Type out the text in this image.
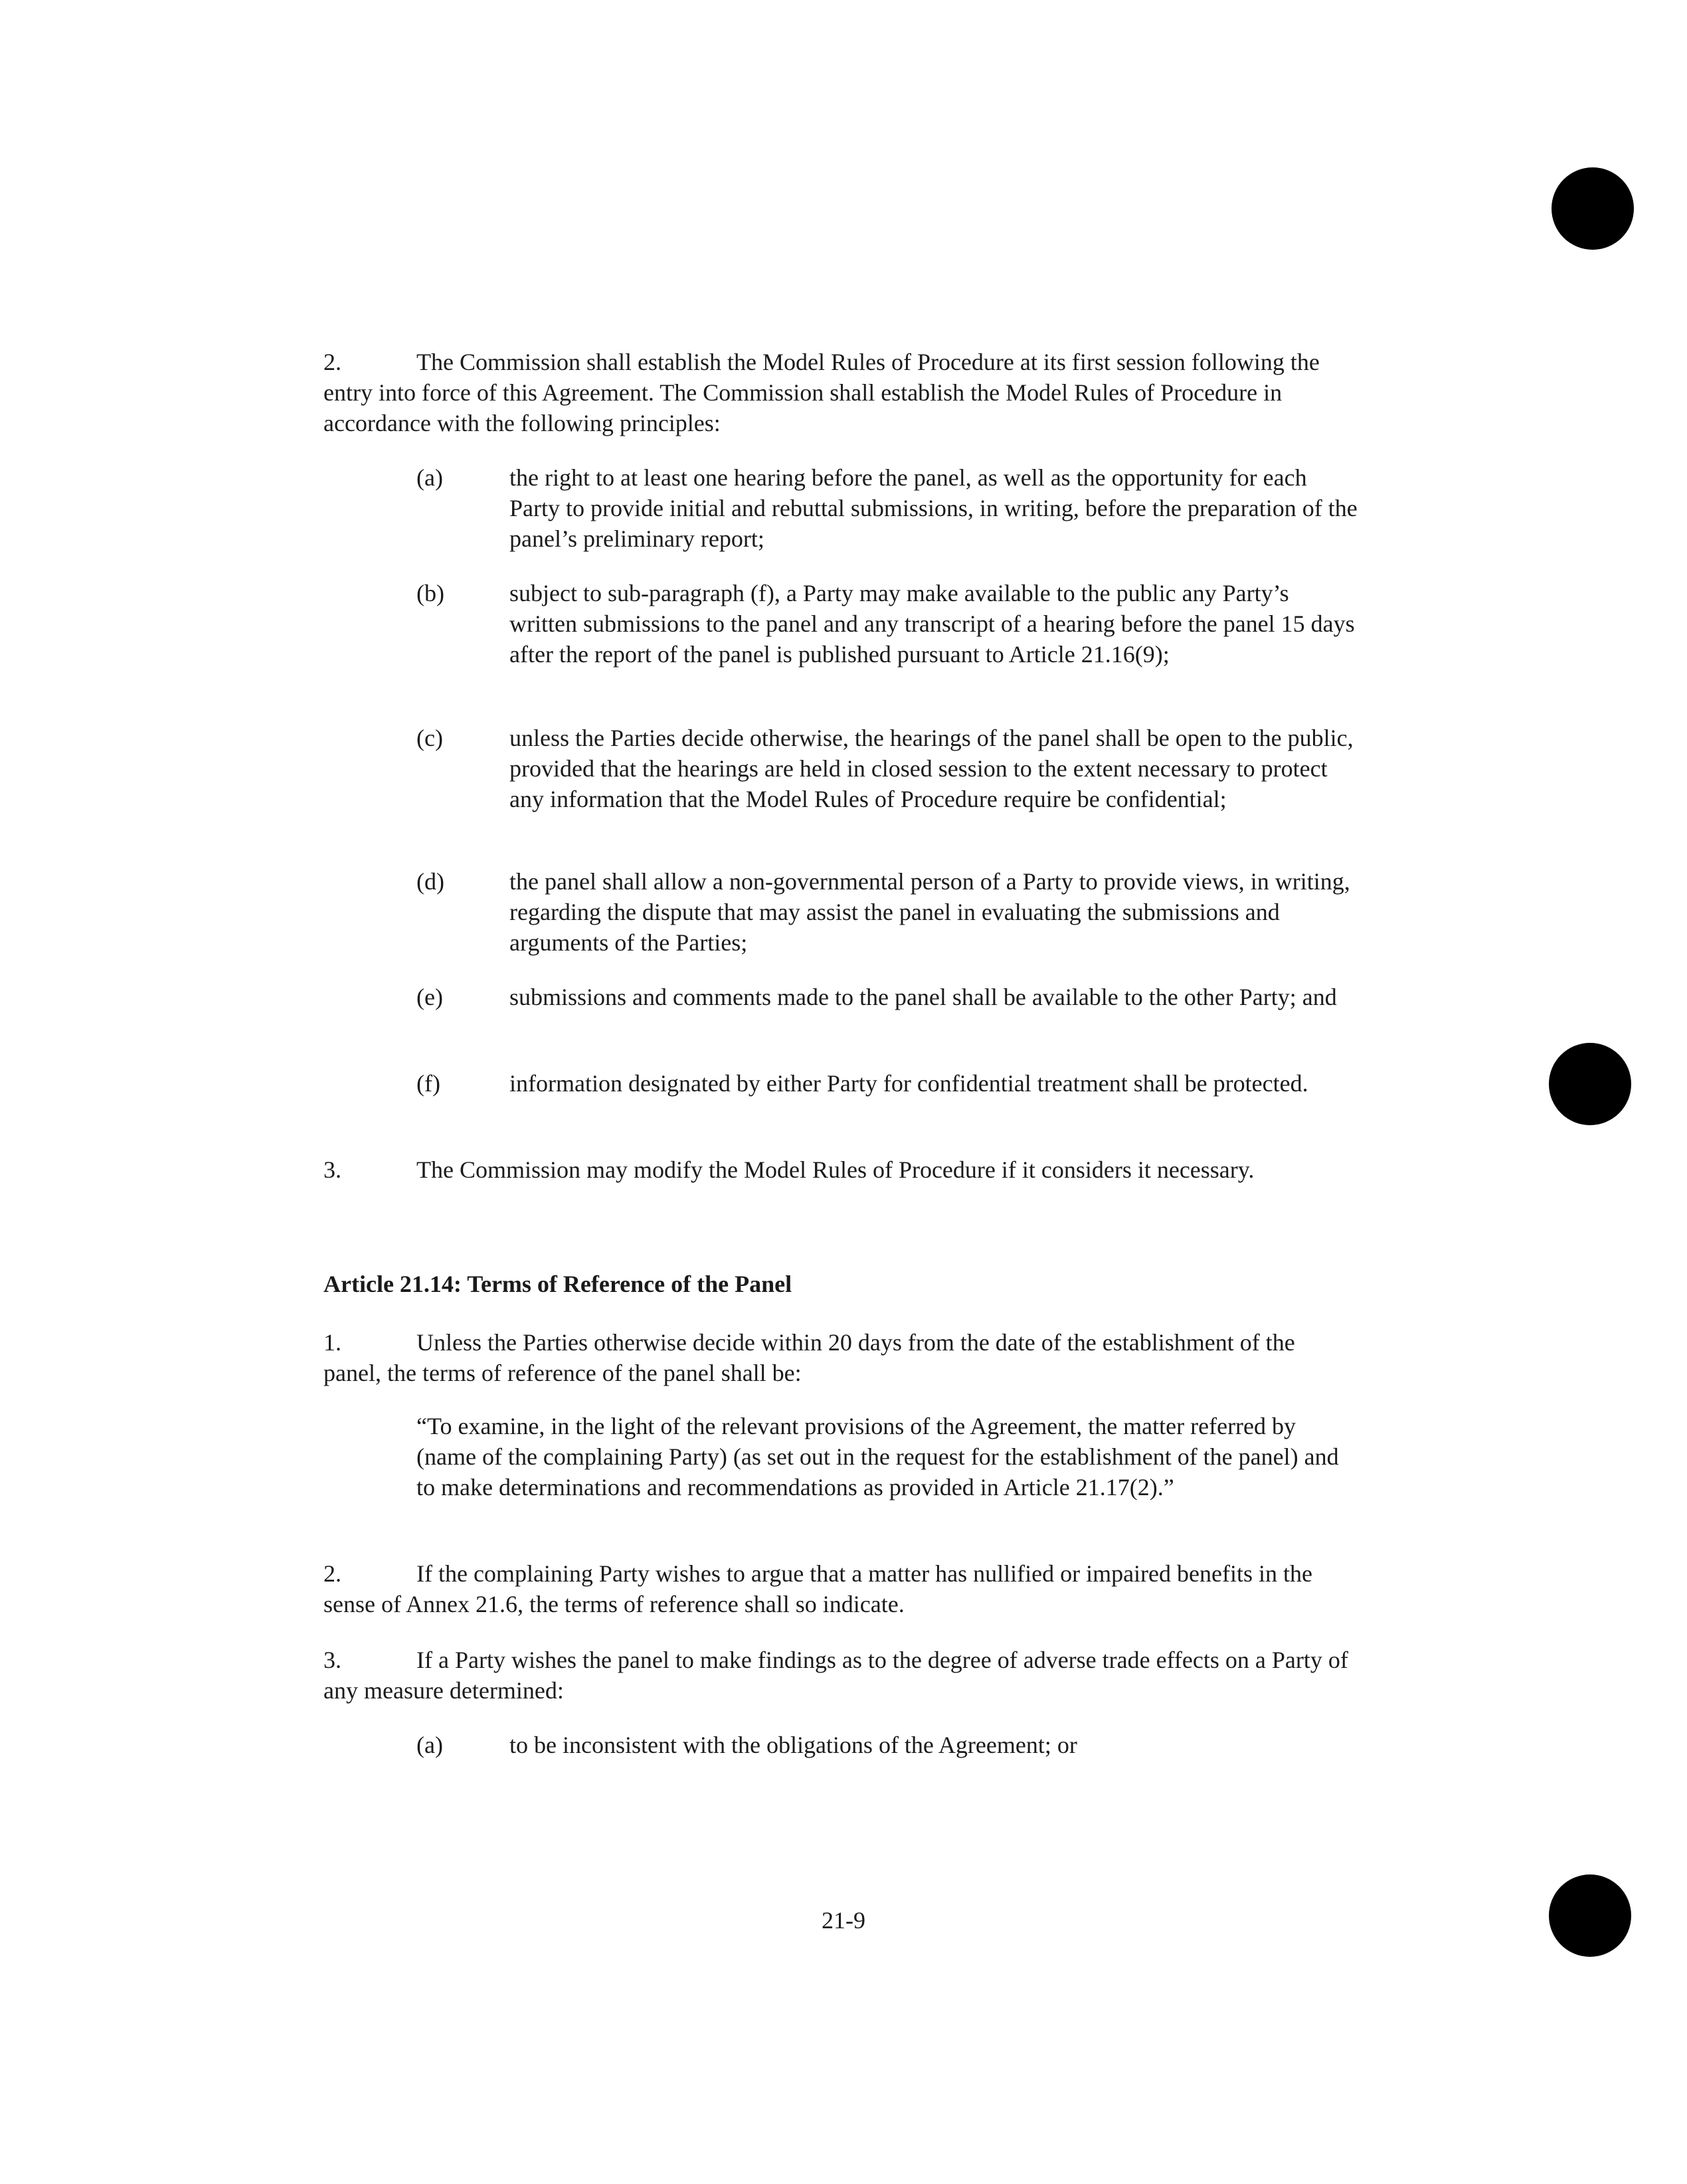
2.	The Commission shall establish the Model Rules of Procedure at its first session following the entry into force of this Agreement. The Commission shall establish the Model Rules of Procedure in accordance with the following principles:
(a)	the right to at least one hearing before the panel, as well as the opportunity for each Party to provide initial and rebuttal submissions, in writing, before the preparation of the panel’s preliminary report;
(b)	subject to sub-paragraph (f), a Party may make available to the public any Party’s written submissions to the panel and any transcript of a hearing before the panel 15 days after the report of the panel is published pursuant to Article 21.16(9);
(c)	unless the Parties decide otherwise, the hearings of the panel shall be open to the public, provided that the hearings are held in closed session to the extent necessary to protect any information that the Model Rules of Procedure require be confidential;
(d)	the panel shall allow a non-governmental person of a Party to provide views, in writing, regarding the dispute that may assist the panel in evaluating the submissions and arguments of the Parties;
(e)	submissions and comments made to the panel shall be available to the other Party; and
(f)	information designated by either Party for confidential treatment shall be protected.
3.	The Commission may modify the Model Rules of Procedure if it considers it necessary.
Article 21.14: Terms of Reference of the Panel
1.	Unless the Parties otherwise decide within 20 days from the date of the establishment of the panel, the terms of reference of the panel shall be:
“To examine, in the light of the relevant provisions of the Agreement, the matter referred by (name of the complaining Party) (as set out in the request for the establishment of the panel) and to make determinations and recommendations as provided in Article 21.17(2).”
2.	If the complaining Party wishes to argue that a matter has nullified or impaired benefits in the sense of Annex 21.6, the terms of reference shall so indicate.
3.	If a Party wishes the panel to make findings as to the degree of adverse trade effects on a Party of any measure determined:
(a)	to be inconsistent with the obligations of the Agreement; or
21-9
